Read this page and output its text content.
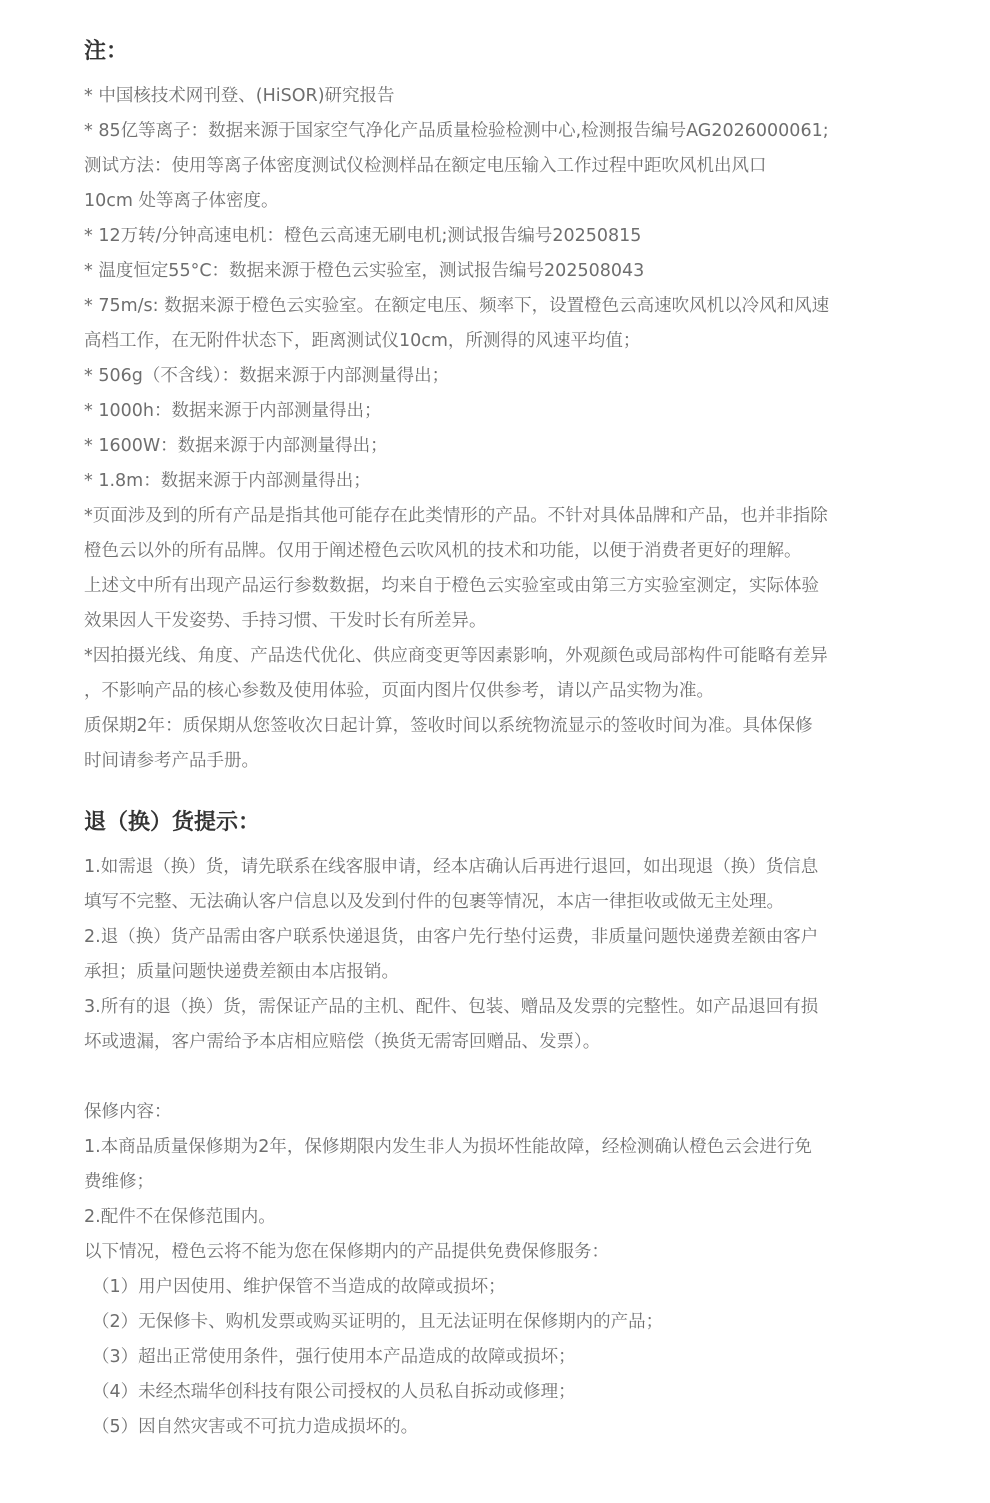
注：
* 中国核技术网刊登、(HiSOR)研究报告
* 85亿等离子：数据来源于国家空气净化产品质量检验检测中心,检测报告编号AG2026000061;
测试方法：使用等离子体密度测试仪检测样品在额定电压输入工作过程中距吹风机出风口
10cm 处等离子体密度。
* 12万转/分钟高速电机：橙色云高速无刷电机;测试报告编号20250815
* 温度恒定55°C：数据来源于橙色云实验室，测试报告编号202508043
* 75m/s: 数据来源于橙色云实验室。在额定电压、频率下，设置橙色云高速吹风机以冷风和风速
高档工作，在无附件状态下，距离测试仪10cm，所测得的风速平均值；
* 506g（不含线）：数据来源于内部测量得出；
* 1000h：数据来源于内部测量得出；
* 1600W：数据来源于内部测量得出；
* 1.8m：数据来源于内部测量得出；
*页面涉及到的所有产品是指其他可能存在此类情形的产品。不针对具体品牌和产品，也并非指除
橙色云以外的所有品牌。仅用于阐述橙色云吹风机的技术和功能，以便于消费者更好的理解。
上述文中所有出现产品运行参数数据，均来自于橙色云实验室或由第三方实验室测定，实际体验
效果因人干发姿势、手持习惯、干发时长有所差异。
*因拍摄光线、角度、产品迭代优化、供应商变更等因素影响，外观颜色或局部构件可能略有差异
，不影响产品的核心参数及使用体验，页面内图片仅供参考，请以产品实物为准。
质保期2年：质保期从您签收次日起计算，签收时间以系统物流显示的签收时间为准。具体保修
时间请参考产品手册。
退（换）货提示：
1.如需退（换）货，请先联系在线客服申请，经本店确认后再进行退回，如出现退（换）货信息
填写不完整、无法确认客户信息以及发到付件的包裹等情况，本店一律拒收或做无主处理。
2.退（换）货产品需由客户联系快递退货，由客户先行垫付运费，非质量问题快递费差额由客户
承担；质量问题快递费差额由本店报销。
3.所有的退（换）货，需保证产品的主机、配件、包装、赠品及发票的完整性。如产品退回有损
坏或遗漏，客户需给予本店相应赔偿（换货无需寄回赠品、发票）。
保修内容：
1.本商品质量保修期为2年，保修期限内发生非人为损坏性能故障，经检测确认橙色云会进行免
费维修；
2.配件不在保修范围内。
以下情况，橙色云将不能为您在保修期内的产品提供免费保修服务：
（1）用户因使用、维护保管不当造成的故障或损坏；
（2）无保修卡、购机发票或购买证明的，且无法证明在保修期内的产品；
（3）超出正常使用条件，强行使用本产品造成的故障或损坏；
（4）未经杰瑞华创科技有限公司授权的人员私自拆动或修理；
（5）因自然灾害或不可抗力造成损坏的。
